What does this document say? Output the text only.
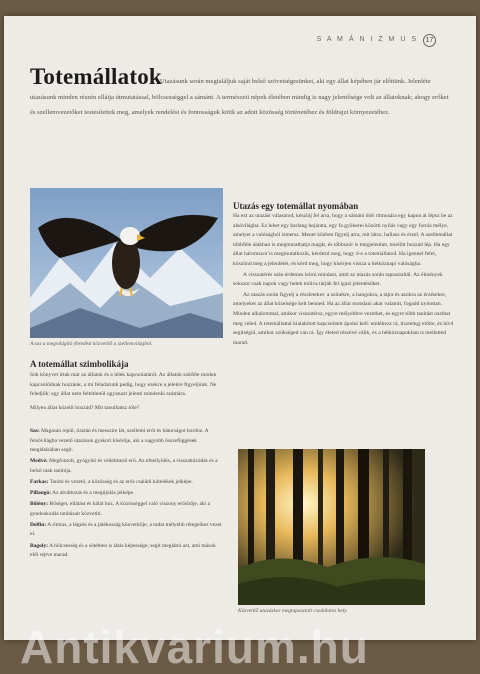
S A M Á N I Z M U S	17
Totemállatok
Utazásunk során megtaláljuk saját belső szövetségesünket, aki egy állat képében jár előttünk. Jelenléte utazásunk minden részén ellátja útmutatással, bölcsességgel a sámánt. A természeti népek életében mindig is nagy jelentősége volt az állatoknak; ahogy erőket és szellemvezetőket testesítettek meg, amelyek rendelési és fontosságuk kötik az adott közösség történetéhez és földrajzi környezetéhez.
A sas a megvilágító ébredést közvetítő a szellemvilágból.
A totemállat szimbolikája

Sok könyvet írtak már az állatok és a lélek kapcsolatáról. Az állatok sokféle módon kapcsolódnak hozzánk, a mi feladatunk pedig, hogy ezekre a jelekre figyeljünk. Ne feledjük: egy állat nem feltétlenül ugyanazt jelenti mindenki számára.

Milyen állat közelít hozzád? Mit tanulhatsz tőle?

Sas: Magasan repül, tisztán és messzire lát, szellemi erőt és bátorságot hordoz. A felsővilágba vezető utazások gyakori kísérője, aki a nagyobb összefüggések meglátásában segít.
Medve: Megfontolt, gyógyító és védelmező erő. Az elmélyülés, a visszahúzódás és a belső utak tanítója.
Farkas: Tanító és vezető, a közösség és az erős családi kötelékek jelképe.
Pillangó: Az átváltozás és a megújulás jelképe.
Bölény: Bőséget, ellátást és hálát hoz. A közösséggel való viszony erősítője, aki a gondoskodás tanításait közvetíti.
Delfin: A ritmus, a légzés és a játékosság közvetítője; a tudat mélyebb rétegeihez vezet el.
Bagoly: A bölcsesség és a sötétben is látás képessége; segít meglátni azt, ami mások elől rejtve marad.
Utazás egy totemállat nyomában

Ha ezt az utazást választod, készülj fel arra, hogy a sámáni dob ritmusára egy kapun át lépsz be az alsóvilágba. Ez lehet egy barlang bejárata, egy fa gyökerei közötti nyílás vagy egy forrás mélye, amelyet a valóságból ismersz. Menet közben figyelj arra, mit látsz, hallasz és érzel. A szellemállat többféle alakban is megmutathatja magát, és többször is megjelenhet, mielőtt hozzád lép. Ha egy állat háromszor is megmutatkozik, kérdezd meg, hogy ő-e a totemállatod. Ha igennel felel, köszönd meg a jelenlétét, és kérd meg, hogy kísérjen vissza a hétköznapi valóságba.

A visszatérés után érdemes leírni mindazt, amit az utazás során tapasztaltál. Az élmények sokszor csak napok vagy hetek múlva tárják fel igazi jelentésüket.

Az utazás során figyelj a részletekre: a színekre, a hangokra, a tájra és azokra az érzésekre, amelyeket az állat közelsége kelt benned. Ha az állat mondani akar valamit, fogadd nyitottan. Minden alkalommal, amikor visszatérsz, egyre mélyebbre vezethet, és egyre több tanítást oszthat meg veled. A totemállattal kialakított kapcsolatot ápolni kell: emlékezz rá, tisztelegj előtte, és hívd segítségül, amikor szükséged van rá. Így életed részévé válik, és a hétköznapokban is melletted marad.

Közvetítő utazáskor megtapasztalt csodálatos hely.
Antikvarium.hu
